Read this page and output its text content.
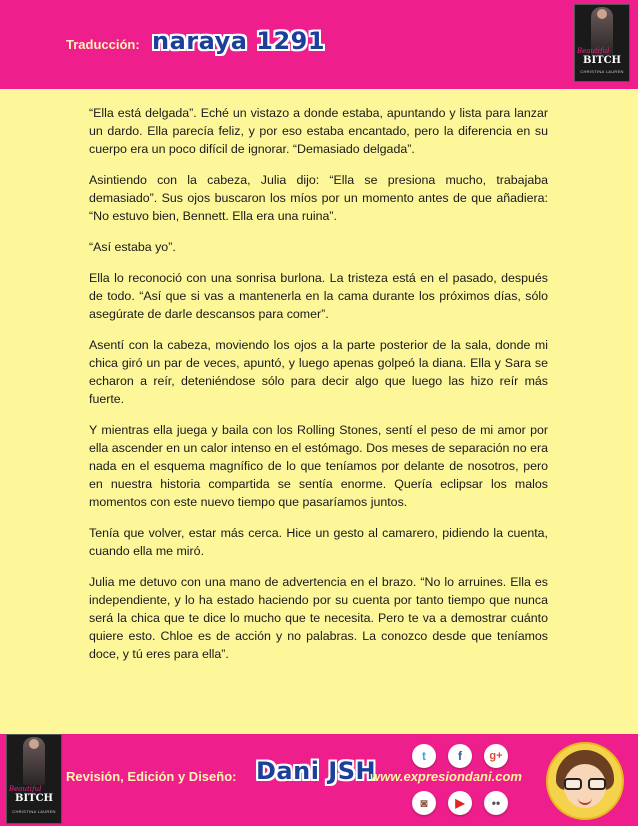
Traducción: naraya 1291	Beautiful
BITCH
CHRISTINA LAUREN

“Ella está delgada”. Eché un vistazo a donde estaba, apuntando y lista para lanzar un dardo. Ella parecía feliz, y por eso estaba encantado, pero la diferencia en su cuerpo era un poco difícil de ignorar. “Demasiado delgada”.

Asintiendo con la cabeza, Julia dijo: “Ella se presiona mucho, trabajaba demasiado”. Sus ojos buscaron los míos por un momento antes de que añadiera: “No estuvo bien, Bennett. Ella era una ruina”.

“Así estaba yo”.

Ella lo reconoció con una sonrisa burlona. La tristeza está en el pasado, después de todo. “Así que si vas a mantenerla en la cama durante los próximos días, sólo asegúrate de darle descansos para comer”.

Asentí con la cabeza, moviendo los ojos a la parte posterior de la sala, donde mi chica giró un par de veces, apuntó, y luego apenas golpeó la diana. Ella y Sara se echaron a reír, deteniéndose sólo para decir algo que luego las hizo reír más fuerte.

Y mientras ella juega y baila con los Rolling Stones, sentí el peso de mi amor por ella ascender en un calor intenso en el estómago. Dos meses de separación no era nada en el esquema magnífico de lo que teníamos por delante de nosotros, pero en nuestra historia compartida se sentía enorme. Quería eclipsar los malos momentos con este nuevo tiempo que pasaríamos juntos.

Tenía que volver, estar más cerca. Hice un gesto al camarero, pidiendo la cuenta, cuando ella me miró.

Julia me detuvo con una mano de advertencia en el brazo. “No lo arruines. Ella es independiente, y lo ha estado haciendo por su cuenta por tanto tiempo que nunca será la chica que te dice lo mucho que te necesita. Pero te va a demostrar cuánto quiere esto. Chloe es de acción y no palabras. La conozco desde que teníamos doce, y tú eres para ella”.

Beautiful
BITCH
CHRISTINA LAUREN
Revisión, Edición y Diseño: Dani JSH
www.expresiondani.com
t	f	g+
◙	▶	••
